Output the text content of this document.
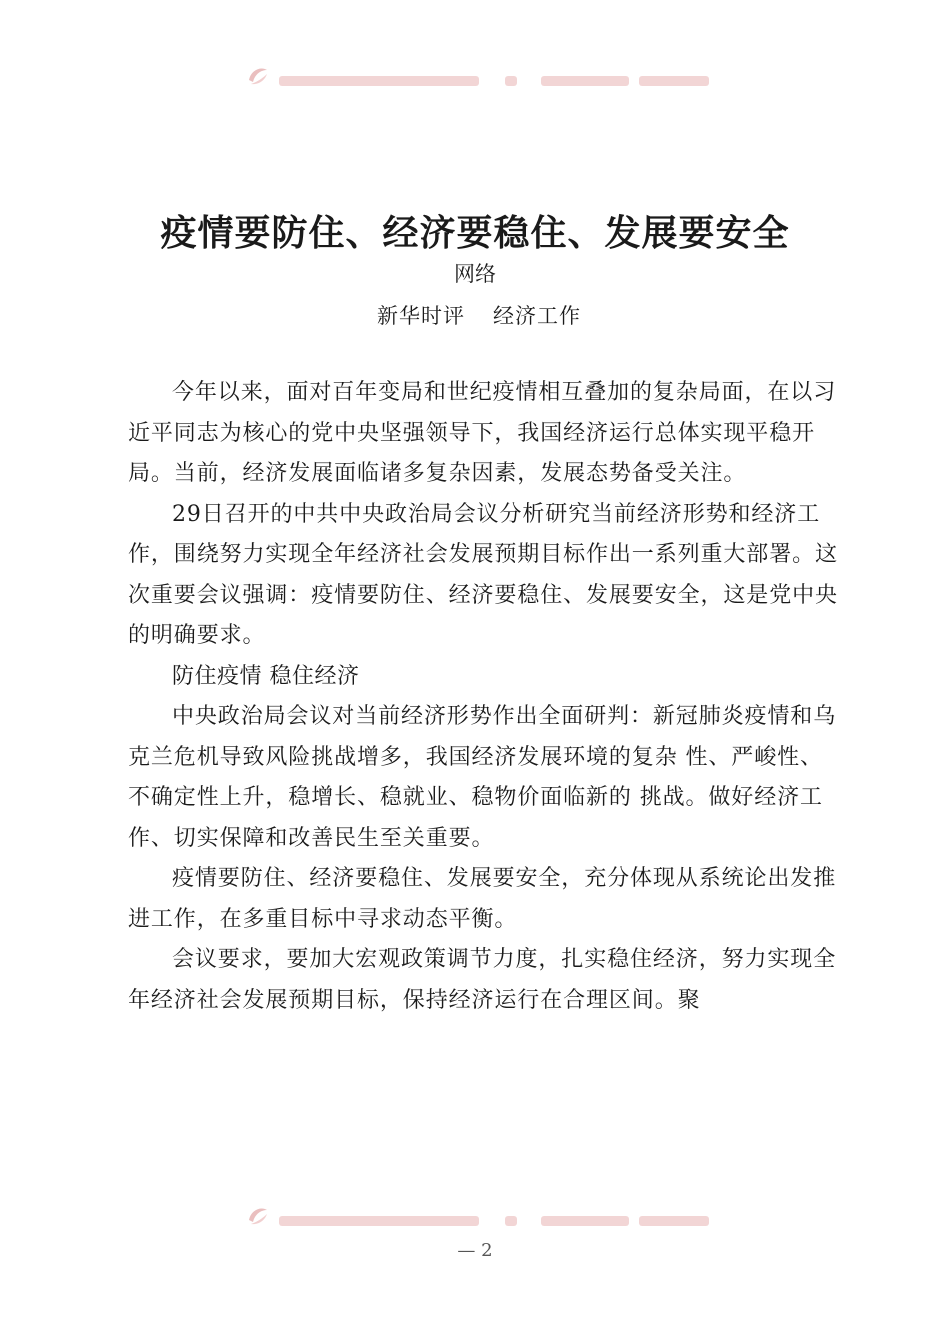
疫情要防住、经济要稳住、发展要安全
网络
新华时评 经济工作

今年以来，面对百年变局和世纪疫情相互叠加的复杂局面，在以习近平同志为核心的党中央坚强领导下，我国经济运行总体实现平稳开局。当前，经济发展面临诸多复杂因素，发展态势备受关注。

29日召开的中共中央政治局会议分析研究当前经济形势和经济工作，围绕努力实现全年经济社会发展预期目标作出一系列重大部署。这次重要会议强调：疫情要防住、经济要稳住、发展要安全，这是党中央的明确要求。

防住疫情 稳住经济

中央政治局会议对当前经济形势作出全面研判：新冠肺炎疫情和乌克兰危机导致风险挑战增多，我国经济发展环境的复杂 性、严峻性、不确定性上升，稳增长、稳就业、稳物价面临新的 挑战。做好经济工作、切实保障和改善民生至关重要。

疫情要防住、经济要稳住、发展要安全，充分体现从系统论出发推进工作，在多重目标中寻求动态平衡。

会议要求，要加大宏观政策调节力度，扎实稳住经济，努力实现全年经济社会发展预期目标，保持经济运行在合理区间。聚

— 2
